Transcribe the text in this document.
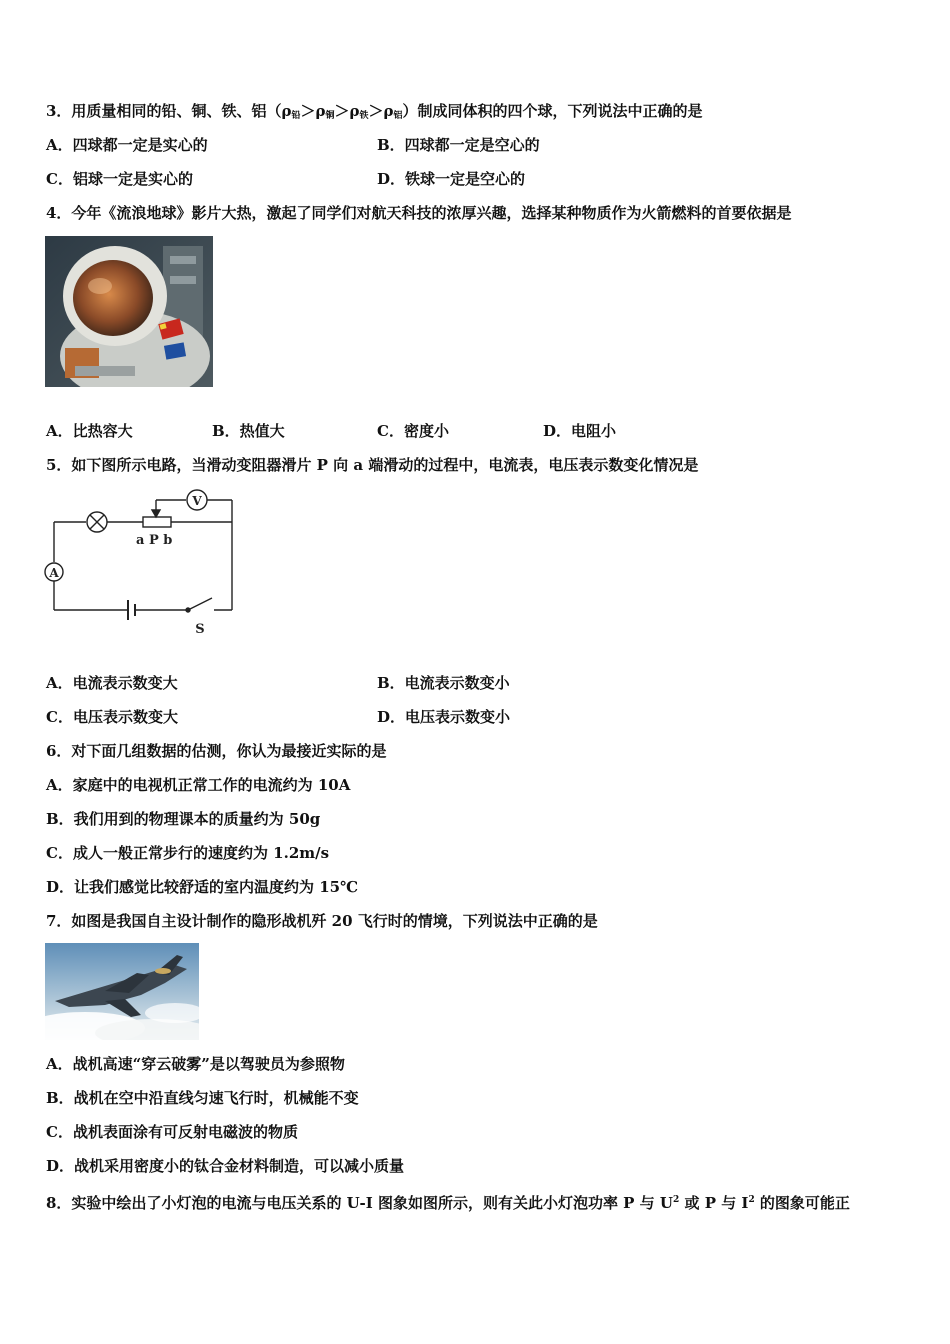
3．用质量相同的铅、铜、铁、铝$(\rho_铅>\rho_铜>\rho_铁>\rho_铝)$制成同体积的四个球，下列说法中正确的是
A．四球都一定是实心的	B．四球都一定是空心的
C．铝球一定是实心的	D．铁球一定是空心的
4．今年《流浪地球》影片大热，激起了同学们对航天科技的浓厚兴趣，选择某种物质作为火箭燃料的首要依据是
A．比热容大	B．热值大	C．密度小	D．电阻小
5．如下图所示电路，当滑动变阻器滑片 P 向 a 端滑动的过程中，电流表，电压表示数变化情况是
V
A
a P b
S
A．电流表示数变大	B．电流表示数变小
C．电压表示数变大	D．电压表示数变小
6．对下面几组数据的估测，你认为最接近实际的是
A．家庭中的电视机正常工作的电流约为 10A
B．我们用到的物理课本的质量约为 50g
C．成人一般正常步行的速度约为 1.2m/s
D．让我们感觉比较舒适的室内温度约为 15℃
7．如图是我国自主设计制作的隐形战机歼 20 飞行时的情境，下列说法中正确的是
A．战机高速“穿云破雾”是以驾驶员为参照物
B．战机在空中沿直线匀速飞行时，机械能不变
C．战机表面涂有可反射电磁波的物质
D．战机采用密度小的钛合金材料制造，可以减小质量
8．实验中绘出了小灯泡的电流与电压关系的 U-I 图象如图所示，则有关此小灯泡功率 P 与 $U^2$ 或 P 与 $I^2$ 的图象可能正
